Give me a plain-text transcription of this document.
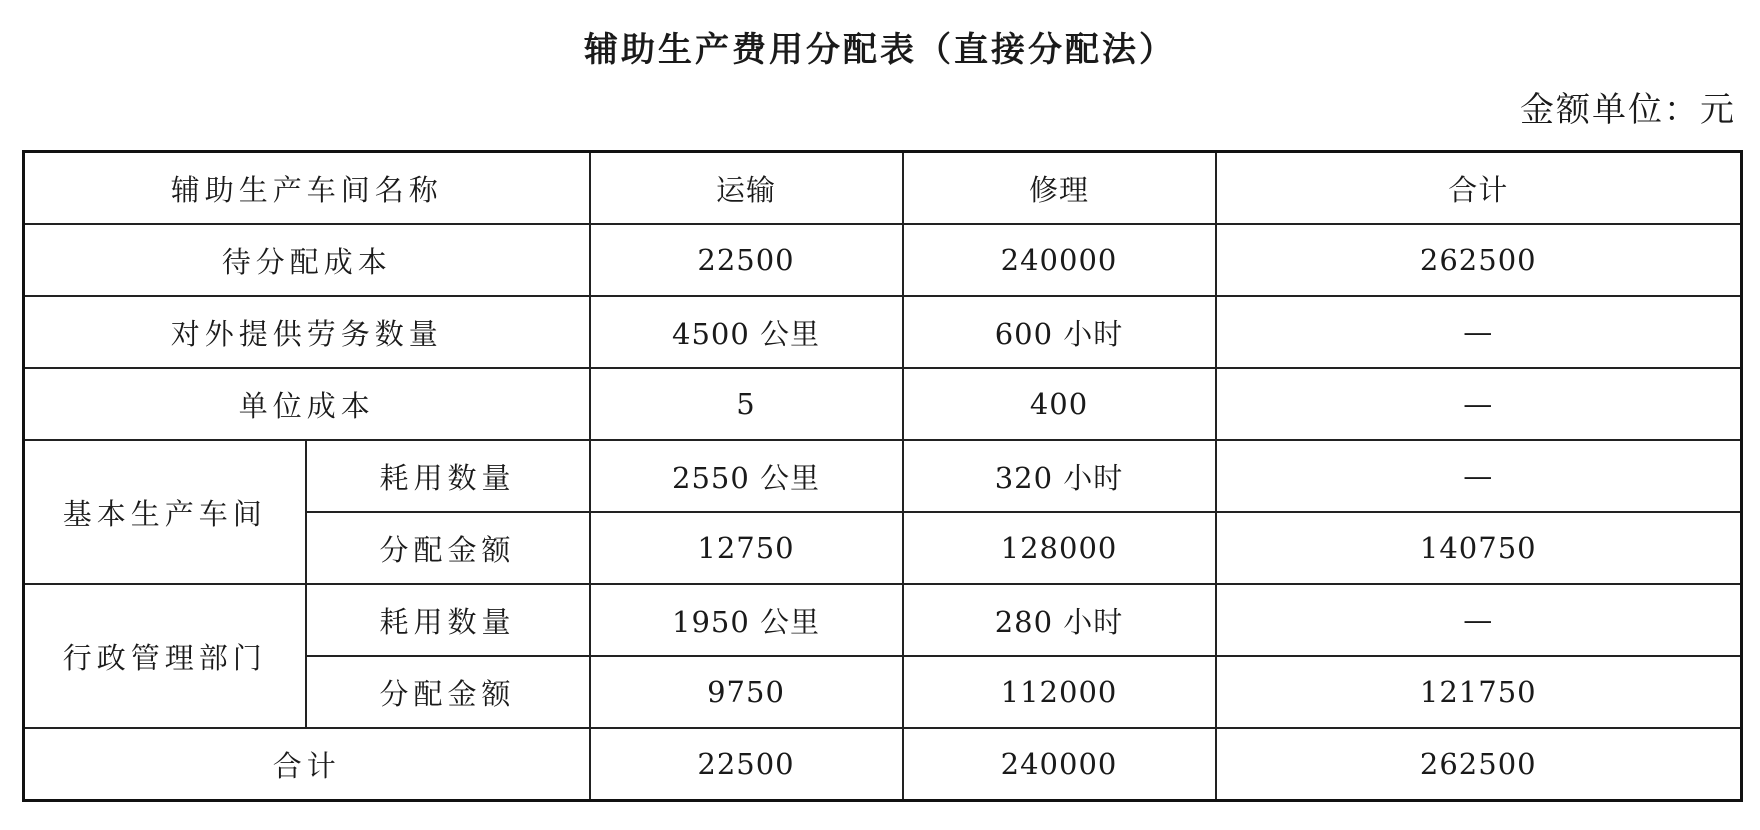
辅助生产费用分配表（直接分配法）
金额单位：元
辅助生产车间名称		运输	修理	合计
待分配成本		22500	240000	262500
对外提供劳务数量		4500 公里	600 小时	—
单位成本		5	400	—
基本生产车间	耗用数量	2550 公里	320 小时	—
	分配金额	12750	128000	140750
行政管理部门	耗用数量	1950 公里	280 小时	—
	分配金额	9750	112000	121750
合计		22500	240000	262500
